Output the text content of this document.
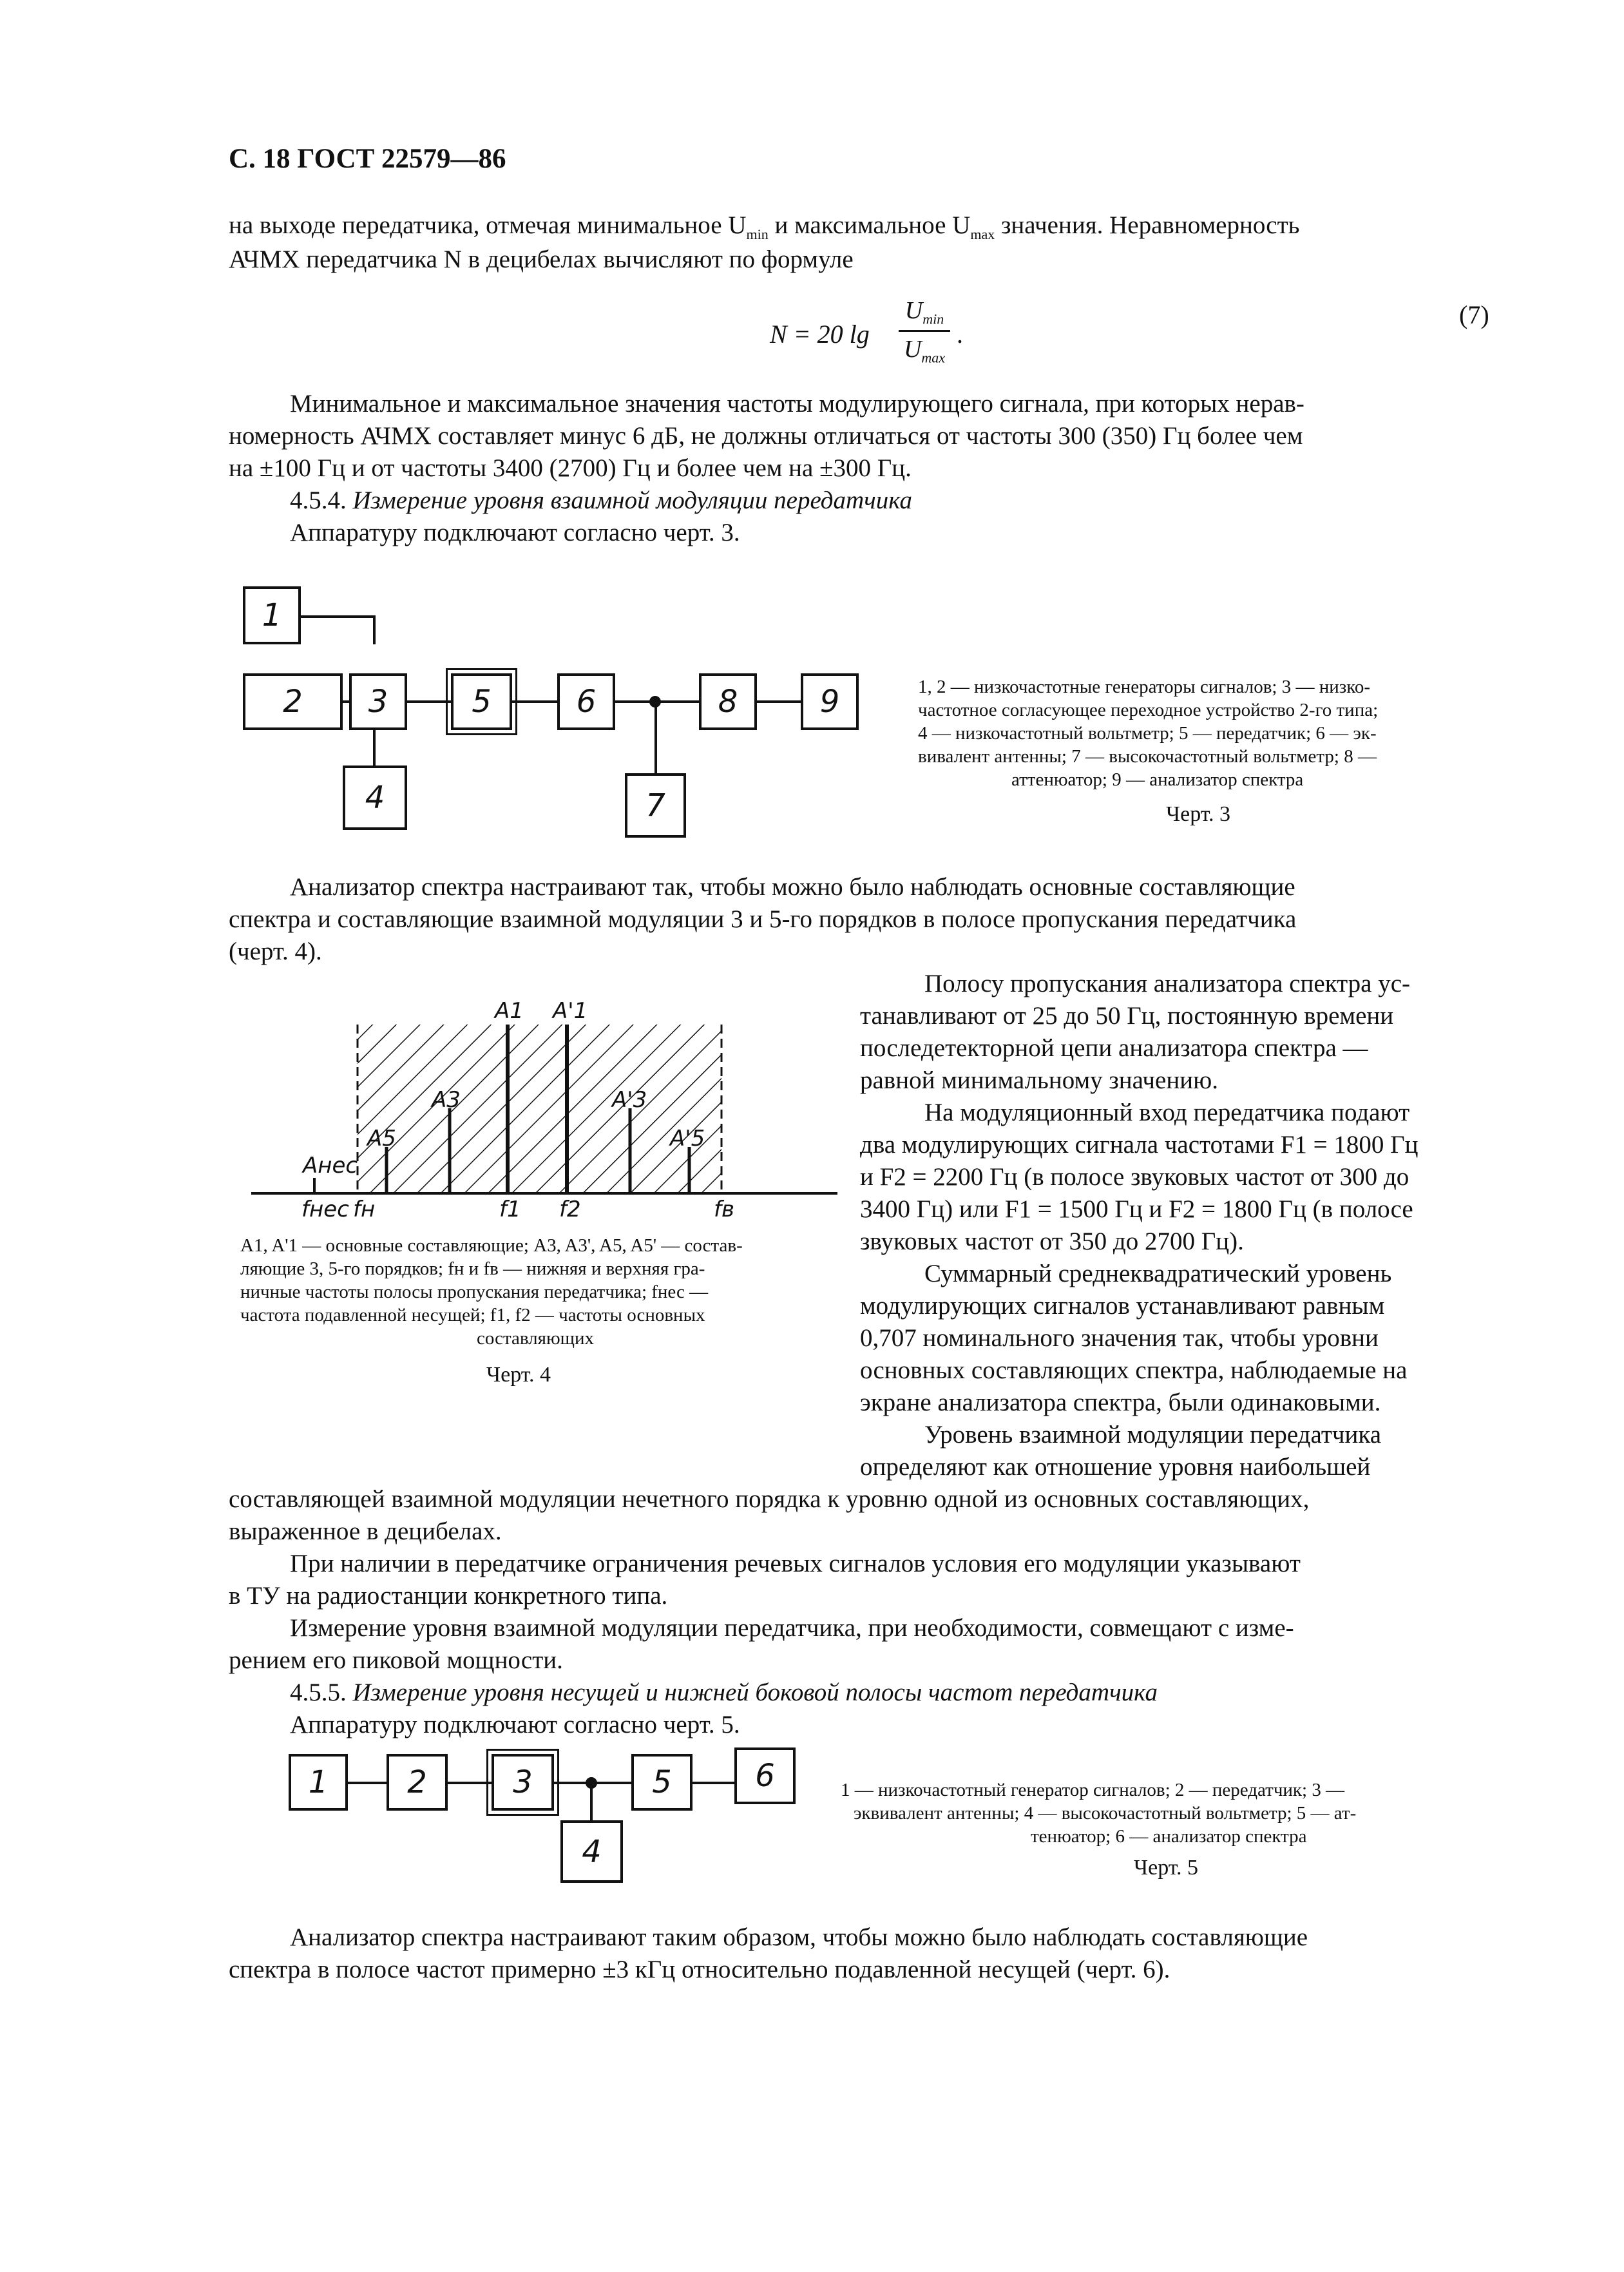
С. 18 ГОСТ 22579—86
на выходе передатчика, отмечая минимальное $U_{min}$ и максимальное $U_{max}$ значения. Неравномерность
АЧМХ передатчика N в децибелах вычисляют по формуле
N = 20 lg
$U_{min}$
$U_{max}$
.
(7)
Минимальное и максимальное значения частоты модулирующего сигнала, при которых нерав-
номерность АЧМХ составляет минус 6 дБ, не должны отличаться от частоты 300 (350) Гц более чем
на ±100 Гц и от частоты 3400 (2700) Гц и более чем на ±300 Гц.
4.5.4. Измерение уровня взаимной модуляции передатчика
Аппаратуру подключают согласно черт. 3.
1
2	3
4
5	6
7
8	9	1, 2 — низкочастотные генераторы сигналов; 3 — низко-
частотное согласующее переходное устройство 2-го типа;
4 — низкочастотный вольтметр; 5 — передатчик; 6 — эк-
вивалент антенны; 7 — высокочастотный вольтметр; 8 —
аттенюатор; 9 — анализатор спектра
Черт. 3
Анализатор спектра настраивают так, чтобы можно было наблюдать основные составляющие
спектра и составляющие взаимной модуляции 3 и 5-го порядков в полосе пропускания передатчика
(черт. 4).
Aнес
A5
A3
A1 A'1
A'3
A'5
fнес fн	f1 f2	fв
A1, A'1 — основные составляющие; A3, A3', A5, A5' — состав-
ляющие 3, 5-го порядков; fн и fв — нижняя и верхняя гра-
ничные частоты полосы пропускания передатчика; fнес —
частота подавленной несущей; f1, f2 — частоты основных
составляющих
Черт. 4
Полосу пропускания анализатора спектра ус-
танавливают от 25 до 50 Гц, постоянную времени
последетекторной цепи анализатора спектра —
равной минимальному значению.
На модуляционный вход передатчика подают
два модулирующих сигнала частотами F1 = 1800 Гц
и F2 = 2200 Гц (в полосе звуковых частот от 300 до
3400 Гц) или F1 = 1500 Гц и F2 = 1800 Гц (в полосе
звуковых частот от 350 до 2700 Гц).
Суммарный среднеквадратический уровень
модулирующих сигналов устанавливают равным
0,707 номинального значения так, чтобы уровни
основных составляющих спектра, наблюдаемые на
экране анализатора спектра, были одинаковыми.
Уровень взаимной модуляции передатчика
определяют как отношение уровня наибольшей
составляющей взаимной модуляции нечетного порядка к уровню одной из основных составляющих,
выраженное в децибелах.
При наличии в передатчике ограничения речевых сигналов условия его модуляции указывают
в ТУ на радиостанции конкретного типа.
Измерение уровня взаимной модуляции передатчика, при необходимости, совмещают с изме-
рением его пиковой мощности.
4.5.5. Измерение уровня несущей и нижней боковой полосы частот передатчика
Аппаратуру подключают согласно черт. 5.
1	2	3
4
5	6	1 — низкочастотный генератор сигналов; 2 — передатчик; 3 —
эквивалент антенны; 4 — высокочастотный вольтметр; 5 — ат-
тенюатор; 6 — анализатор спектра
Черт. 5
Анализатор спектра настраивают таким образом, чтобы можно было наблюдать составляющие
спектра в полосе частот примерно ±3 кГц относительно подавленной несущей (черт. 6).
